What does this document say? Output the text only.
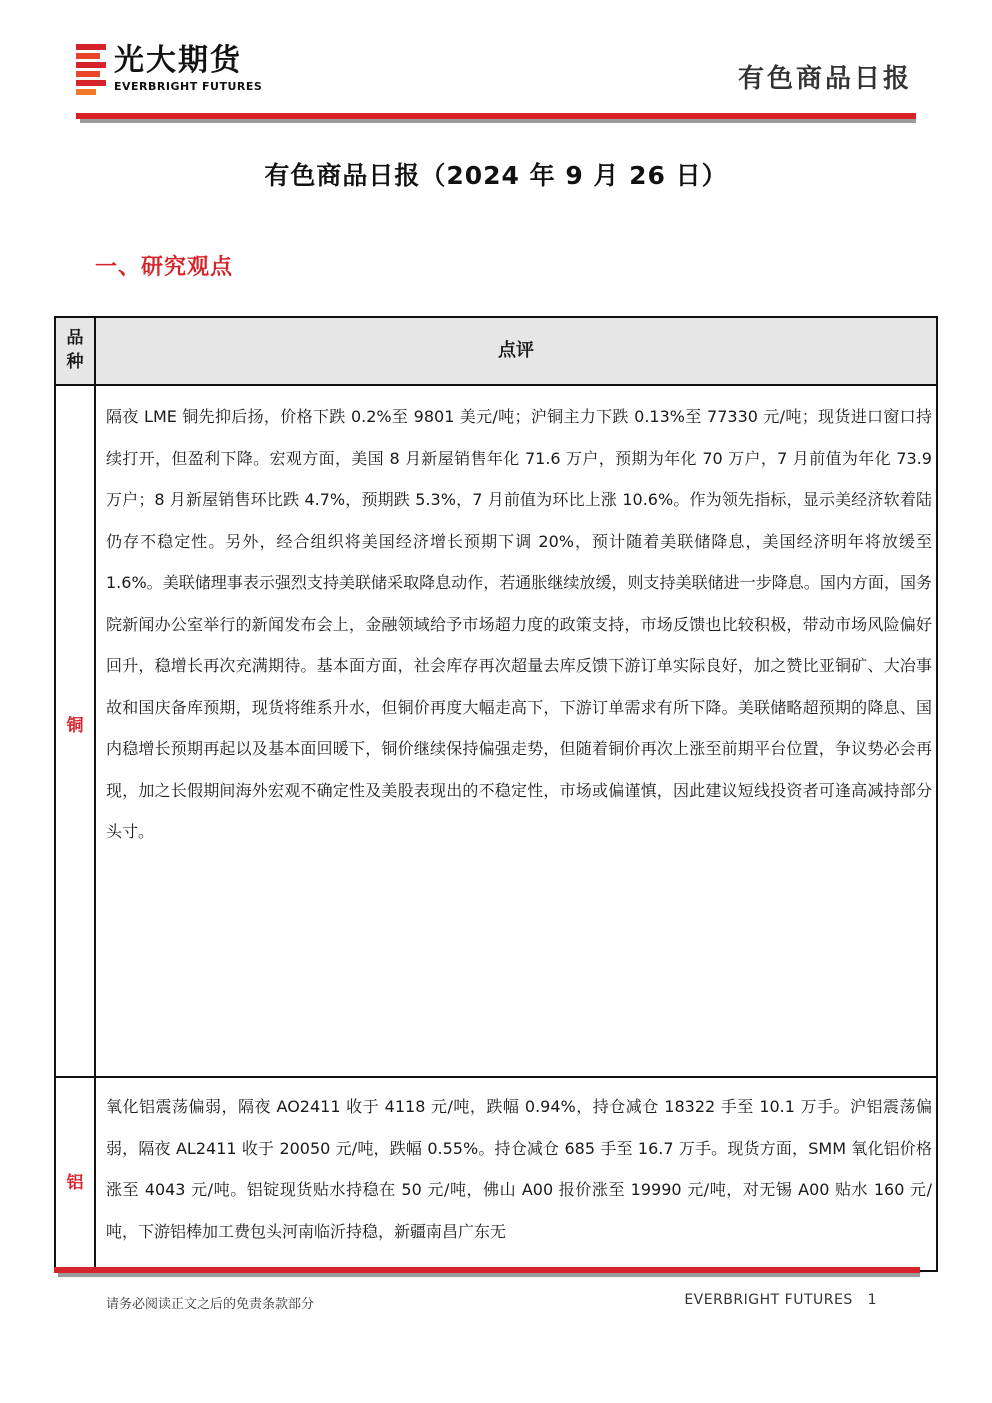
光大期货
EVERBRIGHT FUTURES	有色商品日报
有色商品日报（2024 年 9 月 26 日）
一、研究观点
品
种
点评
铜
隔夜 LME 铜先抑后扬，价格下跌 0.2%至 9801 美元/吨；沪铜主力下跌 0.13%至 77330 元/吨；现货进口窗口持续打开，但盈利下降。宏观方面，美国 8 月新屋销售年化 71.6 万户，预期为年化 70 万户，7 月前值为年化 73.9 万户；8 月新屋销售环比跌 4.7%，预期跌 5.3%，7 月前值为环比上涨 10.6%。作为领先指标，显示美经济软着陆仍存不稳定性。另外，经合组织将美国经济增长预期下调 20%，预计随着美联储降息，美国经济明年将放缓至 1.6%。美联储理事表示强烈支持美联储采取降息动作，若通胀继续放缓，则支持美联储进一步降息。国内方面，国务院新闻办公室举行的新闻发布会上，金融领域给予市场超力度的政策支持，市场反馈也比较积极，带动市场风险偏好回升，稳增长再次充满期待。基本面方面，社会库存再次超量去库反馈下游订单实际良好，加之赞比亚铜矿、大冶事故和国庆备库预期，现货将维系升水，但铜价再度大幅走高下，下游订单需求有所下降。美联储略超预期的降息、国内稳增长预期再起以及基本面回暖下，铜价继续保持偏强走势，但随着铜价再次上涨至前期平台位置，争议势必会再现，加之长假期间海外宏观不确定性及美股表现出的不稳定性，市场或偏谨慎，因此建议短线投资者可逢高减持部分头寸。
铝
氧化铝震荡偏弱，隔夜 AO2411 收于 4118 元/吨，跌幅 0.94%，持仓减仓 18322 手至 10.1 万手。沪铝震荡偏弱，隔夜 AL2411 收于 20050 元/吨，跌幅 0.55%。持仓减仓 685 手至 16.7 万手。现货方面，SMM 氧化铝价格涨至 4043 元/吨。铝锭现货贴水持稳在 50 元/吨，佛山 A00 报价涨至 19990 元/吨，对无锡 A00 贴水 160 元/吨，下游铝棒加工费包头河南临沂持稳，新疆南昌广东无
请务必阅读正文之后的免责条款部分	EVERBRIGHT FUTURES 1
